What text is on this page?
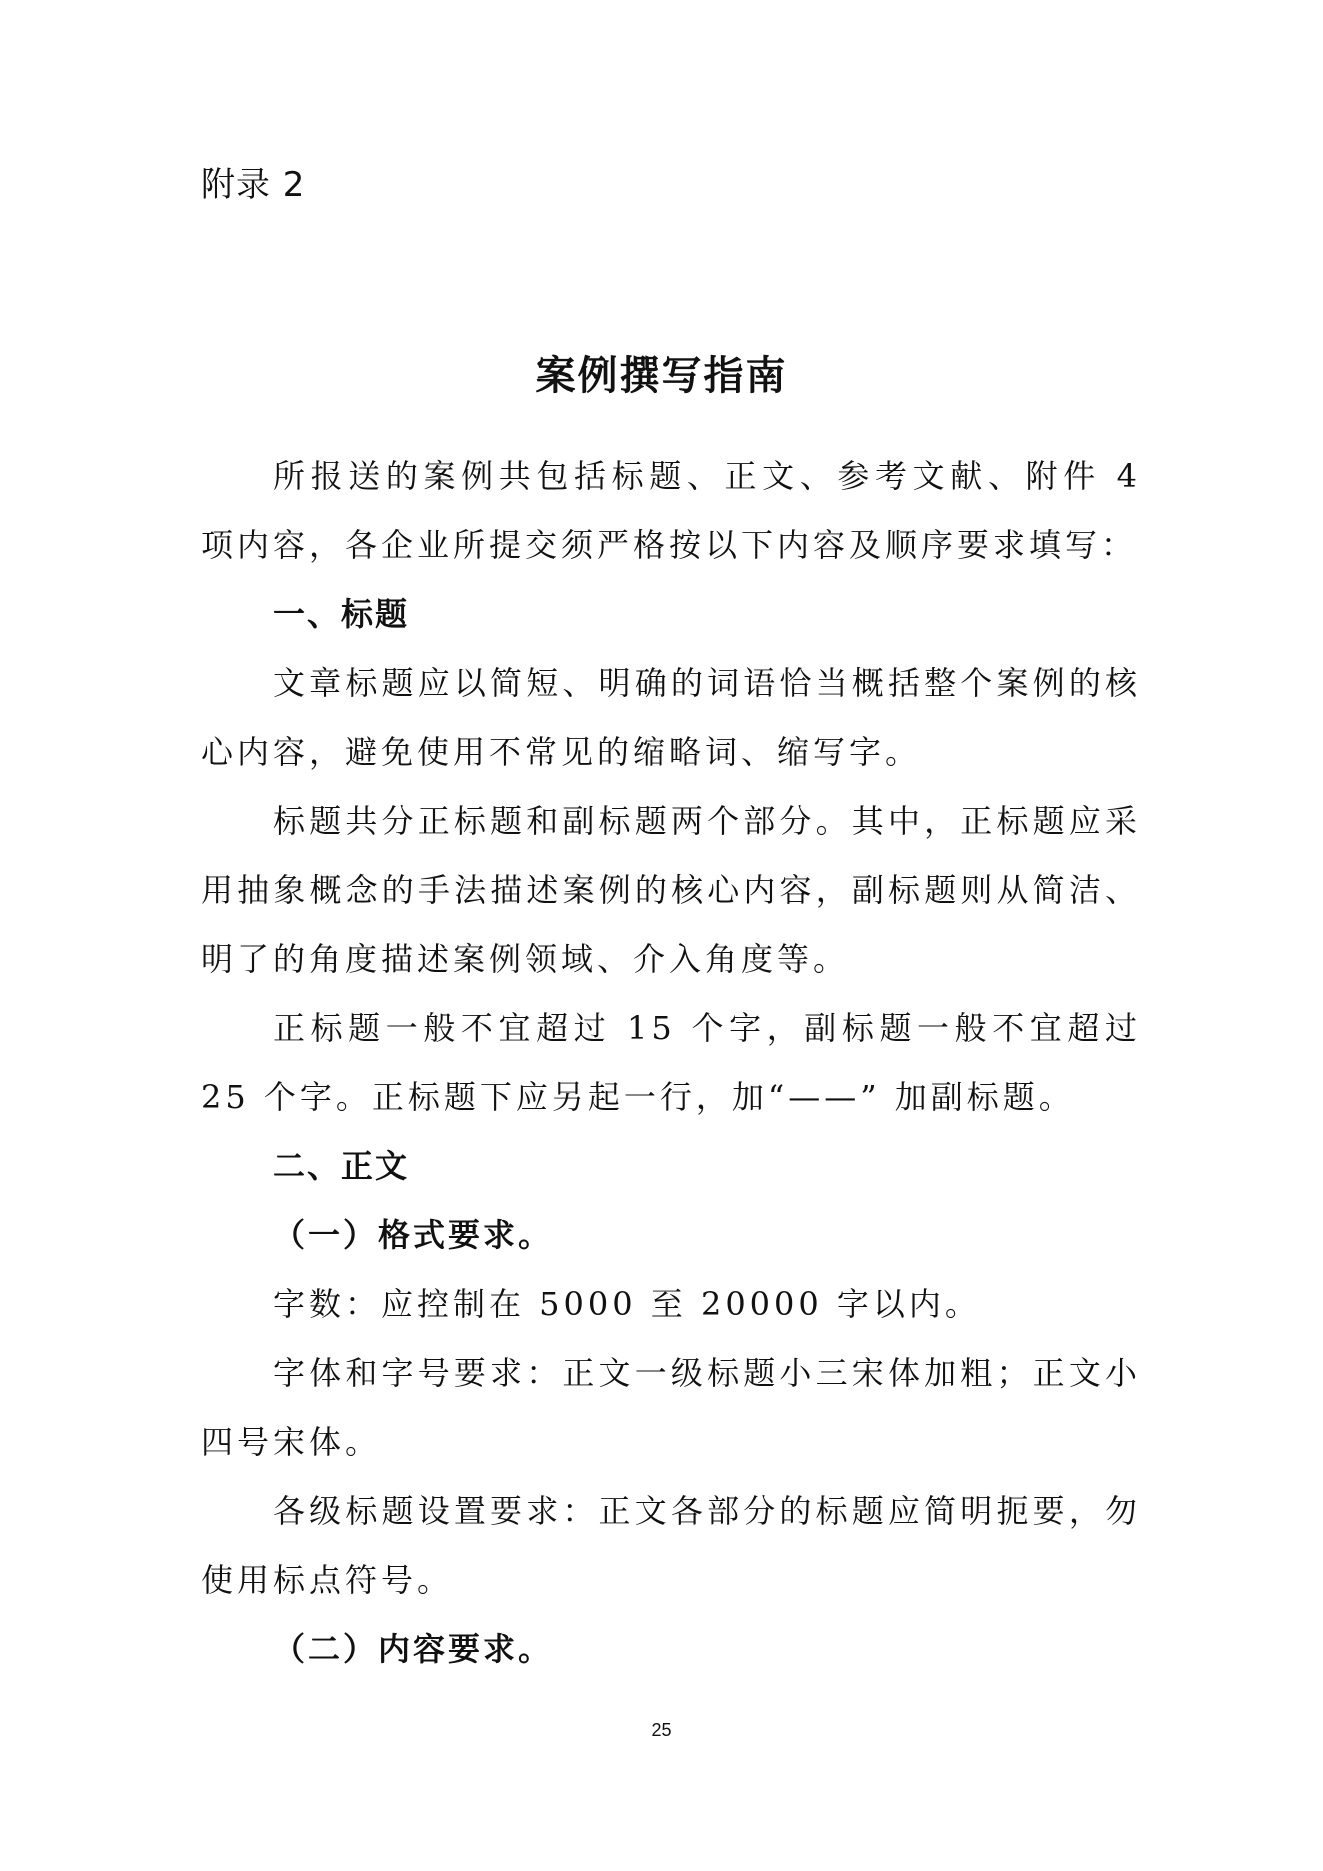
附录 2

案例撰写指南

所报送的案例共包括标题、正文、参考文献、附件 4 项内容，各企业所提交须严格按以下内容及顺序要求填写：

一、标题

文章标题应以简短、明确的词语恰当概括整个案例的核心内容，避免使用不常见的缩略词、缩写字。

标题共分正标题和副标题两个部分。其中，正标题应采用抽象概念的手法描述案例的核心内容，副标题则从简洁、明了的角度描述案例领域、介入角度等。

正标题一般不宜超过 15 个字，副标题一般不宜超过 25 个字。正标题下应另起一行，加“——” 加副标题。

二、正文

（一）格式要求。

字数：应控制在 5000 至 20000 字以内。

字体和字号要求：正文一级标题小三宋体加粗；正文小四号宋体。

各级标题设置要求：正文各部分的标题应简明扼要，勿使用标点符号。

（二）内容要求。

25
